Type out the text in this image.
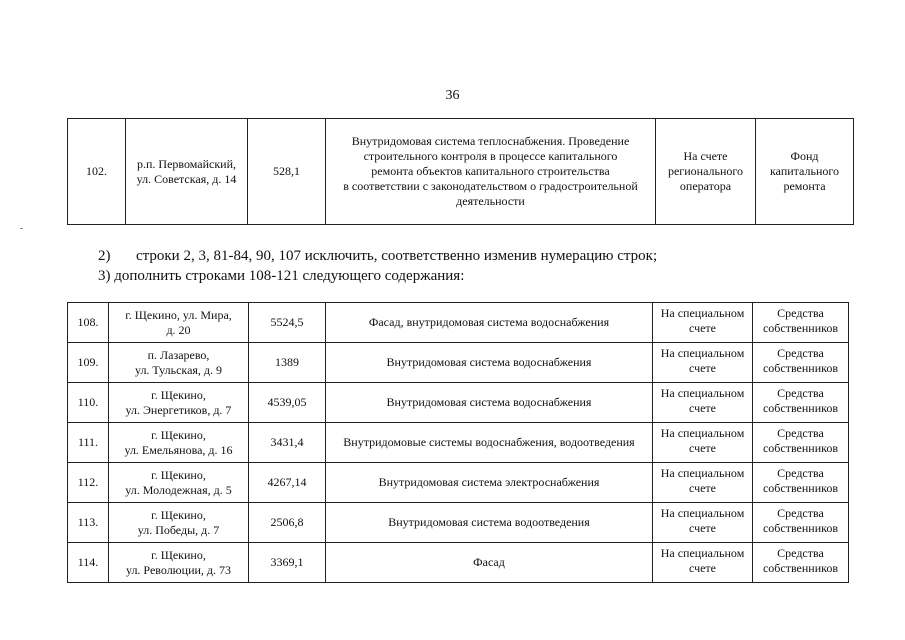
36
102.	р.п. Первомайский,
ул. Советская, д. 14	528,1	Внутридомовая система теплоснабжения. Проведение
строительного контроля в процессе капитального
ремонта объектов капитального строительства
в соответствии с законодательством о градостроительной
деятельности	На счете
регионального
оператора	Фонд
капитального
ремонта
2) строки 2, 3, 81-84, 90, 107 исключить, соответственно изменив нумерацию строк;
3) дополнить строками 108-121 следующего содержания:
108.	г. Щекино, ул. Мира,
д. 20	5524,5	Фасад, внутридомовая система водоснабжения	На специальном
счете	Средства
собственников
109.	п. Лазарево,
ул. Тульская, д. 9	1389	Внутридомовая система водоснабжения	На специальном
счете	Средства
собственников
110.	г. Щекино,
ул. Энергетиков, д. 7	4539,05	Внутридомовая система водоснабжения	На специальном
счете	Средства
собственников
111.	г. Щекино,
ул. Емельянова, д. 16	3431,4	Внутридомовые системы водоснабжения, водоотведения	На специальном
счете	Средства
собственников
112.	г. Щекино,
ул. Молодежная, д. 5	4267,14	Внутридомовая система электроснабжения	На специальном
счете	Средства
собственников
113.	г. Щекино,
ул. Победы, д. 7	2506,8	Внутридомовая система водоотведения	На специальном
счете	Средства
собственников
114.	г. Щекино,
ул. Революции, д. 73	3369,1	Фасад	На специальном
счете	Средства
собственников
